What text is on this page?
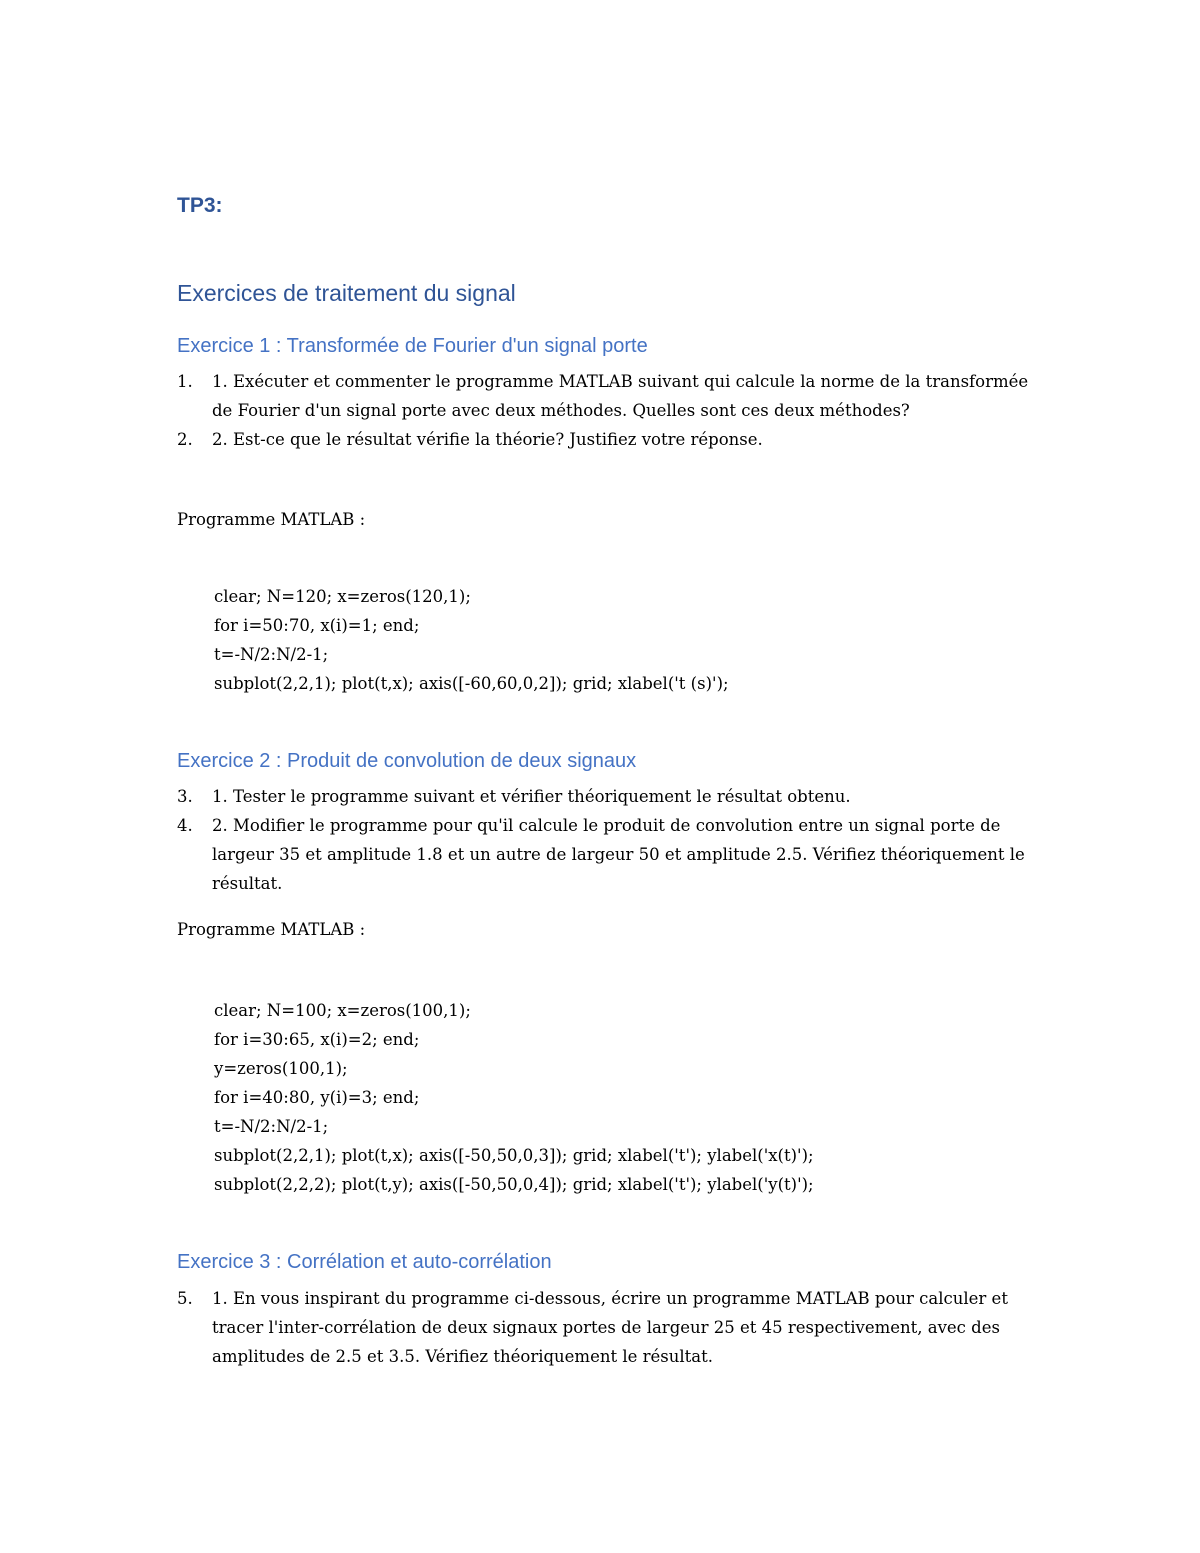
TP3:
Exercices de traitement du signal
Exercice 1 : Transformée de Fourier d'un signal porte
1. 1. Exécuter et commenter le programme MATLAB suivant qui calcule la norme de la transformée de Fourier d'un signal porte avec deux méthodes. Quelles sont ces deux méthodes?
2. 2. Est-ce que le résultat vérifie la théorie? Justifiez votre réponse.
Programme MATLAB :
clear; N=120; x=zeros(120,1);
for i=50:70, x(i)=1; end;
t=-N/2:N/2-1;
subplot(2,2,1); plot(t,x); axis([-60,60,0,2]); grid; xlabel('t (s)');
Exercice 2 : Produit de convolution de deux signaux
3. 1. Tester le programme suivant et vérifier théoriquement le résultat obtenu.
4. 2. Modifier le programme pour qu'il calcule le produit de convolution entre un signal porte de largeur 35 et amplitude 1.8 et un autre de largeur 50 et amplitude 2.5. Vérifiez théoriquement le résultat.
Programme MATLAB :
clear; N=100; x=zeros(100,1);
for i=30:65, x(i)=2; end;
y=zeros(100,1);
for i=40:80, y(i)=3; end;
t=-N/2:N/2-1;
subplot(2,2,1); plot(t,x); axis([-50,50,0,3]); grid; xlabel('t'); ylabel('x(t)');
subplot(2,2,2); plot(t,y); axis([-50,50,0,4]); grid; xlabel('t'); ylabel('y(t)');
Exercice 3 : Corrélation et auto-corrélation
5. 1. En vous inspirant du programme ci-dessous, écrire un programme MATLAB pour calculer et tracer l'inter-corrélation de deux signaux portes de largeur 25 et 45 respectivement, avec des amplitudes de 2.5 et 3.5. Vérifiez théoriquement le résultat.
